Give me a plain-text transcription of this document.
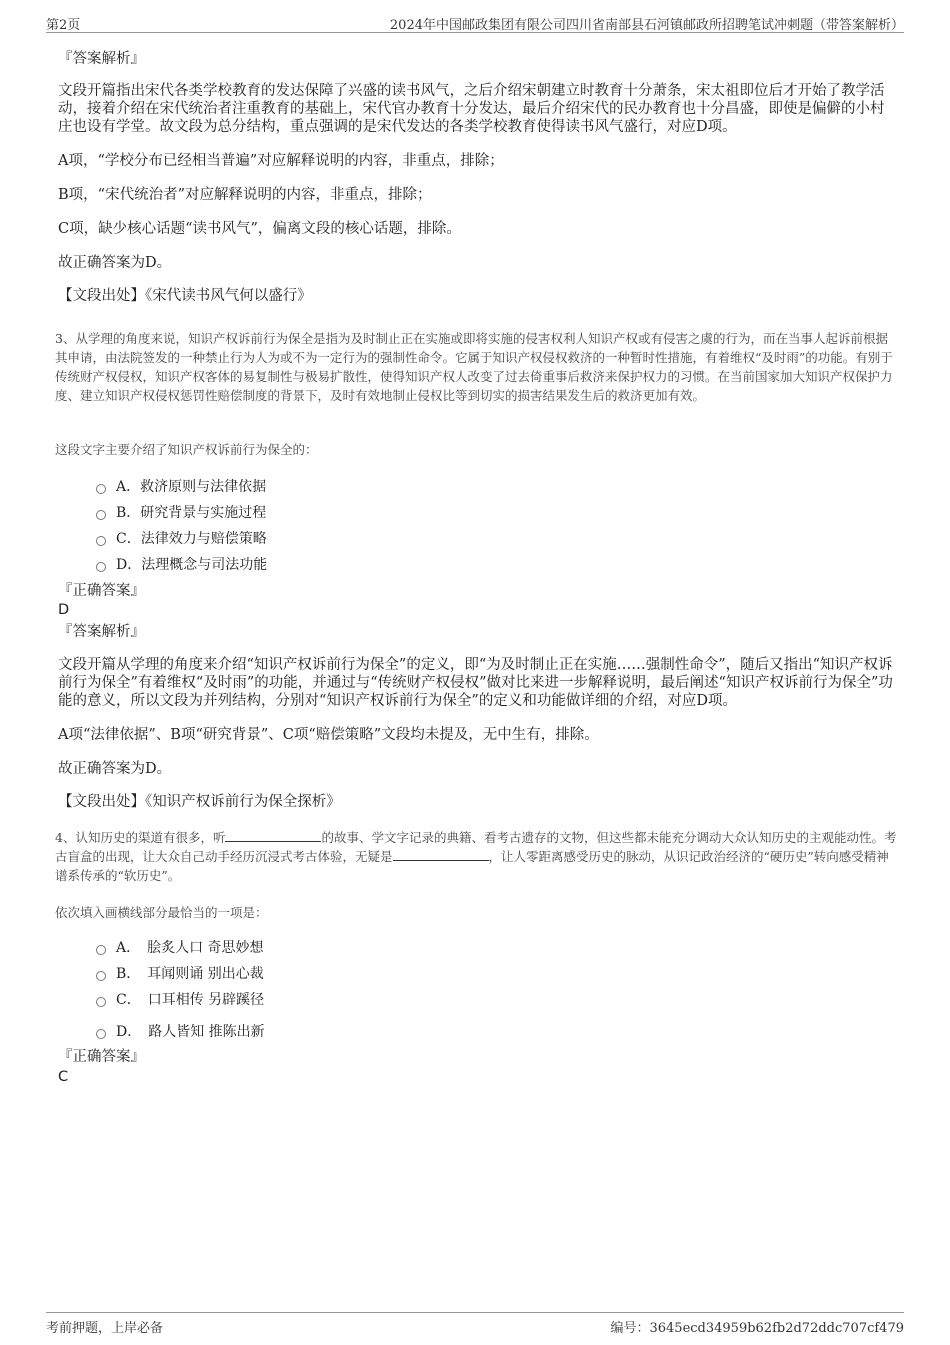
第2页	2024年中国邮政集团有限公司四川省南部县石河镇邮政所招聘笔试冲刺题（带答案解析）
『答案解析』
文段开篇指出宋代各类学校教育的发达保障了兴盛的读书风气，之后介绍宋朝建立时教育十分萧条，宋太祖即位后才开始了教学活动，接着介绍在宋代统治者注重教育的基础上，宋代官办教育十分发达，最后介绍宋代的民办教育也十分昌盛，即使是偏僻的小村庄也设有学堂。故文段为总分结构，重点强调的是宋代发达的各类学校教育使得读书风气盛行，对应D项。
A项，“学校分布已经相当普遍”对应解释说明的内容，非重点，排除；
B项，“宋代统治者”对应解释说明的内容，非重点，排除；
C项，缺少核心话题“读书风气”，偏离文段的核心话题，排除。
故正确答案为D。
【文段出处】《宋代读书风气何以盛行》
3、从学理的角度来说，知识产权诉前行为保全是指为及时制止正在实施或即将实施的侵害权利人知识产权或有侵害之虞的行为，而在当事人起诉前根据其申请，由法院签发的一种禁止行为人为或不为一定行为的强制性命令。它属于知识产权侵权救济的一种暂时性措施，有着维权“及时雨”的功能。有别于传统财产权侵权，知识产权客体的易复制性与极易扩散性，使得知识产权人改变了过去倚重事后救济来保护权力的习惯。在当前国家加大知识产权保护力度、建立知识产权侵权惩罚性赔偿制度的背景下，及时有效地制止侵权比等到切实的损害结果发生后的救济更加有效。
这段文字主要介绍了知识产权诉前行为保全的：
A．救济原则与法律依据
B．研究背景与实施过程
C．法律效力与赔偿策略
D．法理概念与司法功能
『正确答案』
D
『答案解析』
文段开篇从学理的角度来介绍“知识产权诉前行为保全”的定义，即“为及时制止正在实施……强制性命令”，随后又指出“知识产权诉前行为保全”有着维权“及时雨”的功能，并通过与“传统财产权侵权”做对比来进一步解释说明，最后阐述“知识产权诉前行为保全”功能的意义，所以文段为并列结构，分别对“知识产权诉前行为保全”的定义和功能做详细的介绍，对应D项。
A项“法律依据”、B项“研究背景”、C项“赔偿策略”文段均未提及，无中生有，排除。
故正确答案为D。
【文段出处】《知识产权诉前行为保全探析》
4、认知历史的渠道有很多，听	的故事、学文字记录的典籍、看考古遗存的文物，但这些都未能充分调动大众认知历史的主观能动性。考古盲盒的出现，让大众自己动手经历沉浸式考古体验，无疑是	，让人零距离感受历史的脉动，从识记政治经济的“硬历史”转向感受精神谱系传承的“软历史”。
依次填入画横线部分最恰当的一项是：
A．　脍炙人口 奇思妙想
B．　耳闻则诵 别出心裁
C．　口耳相传 另辟蹊径
D．　路人皆知 推陈出新
『正确答案』
C
考前押题，上岸必备	编号：3645ecd34959b62fb2d72ddc707cf479
